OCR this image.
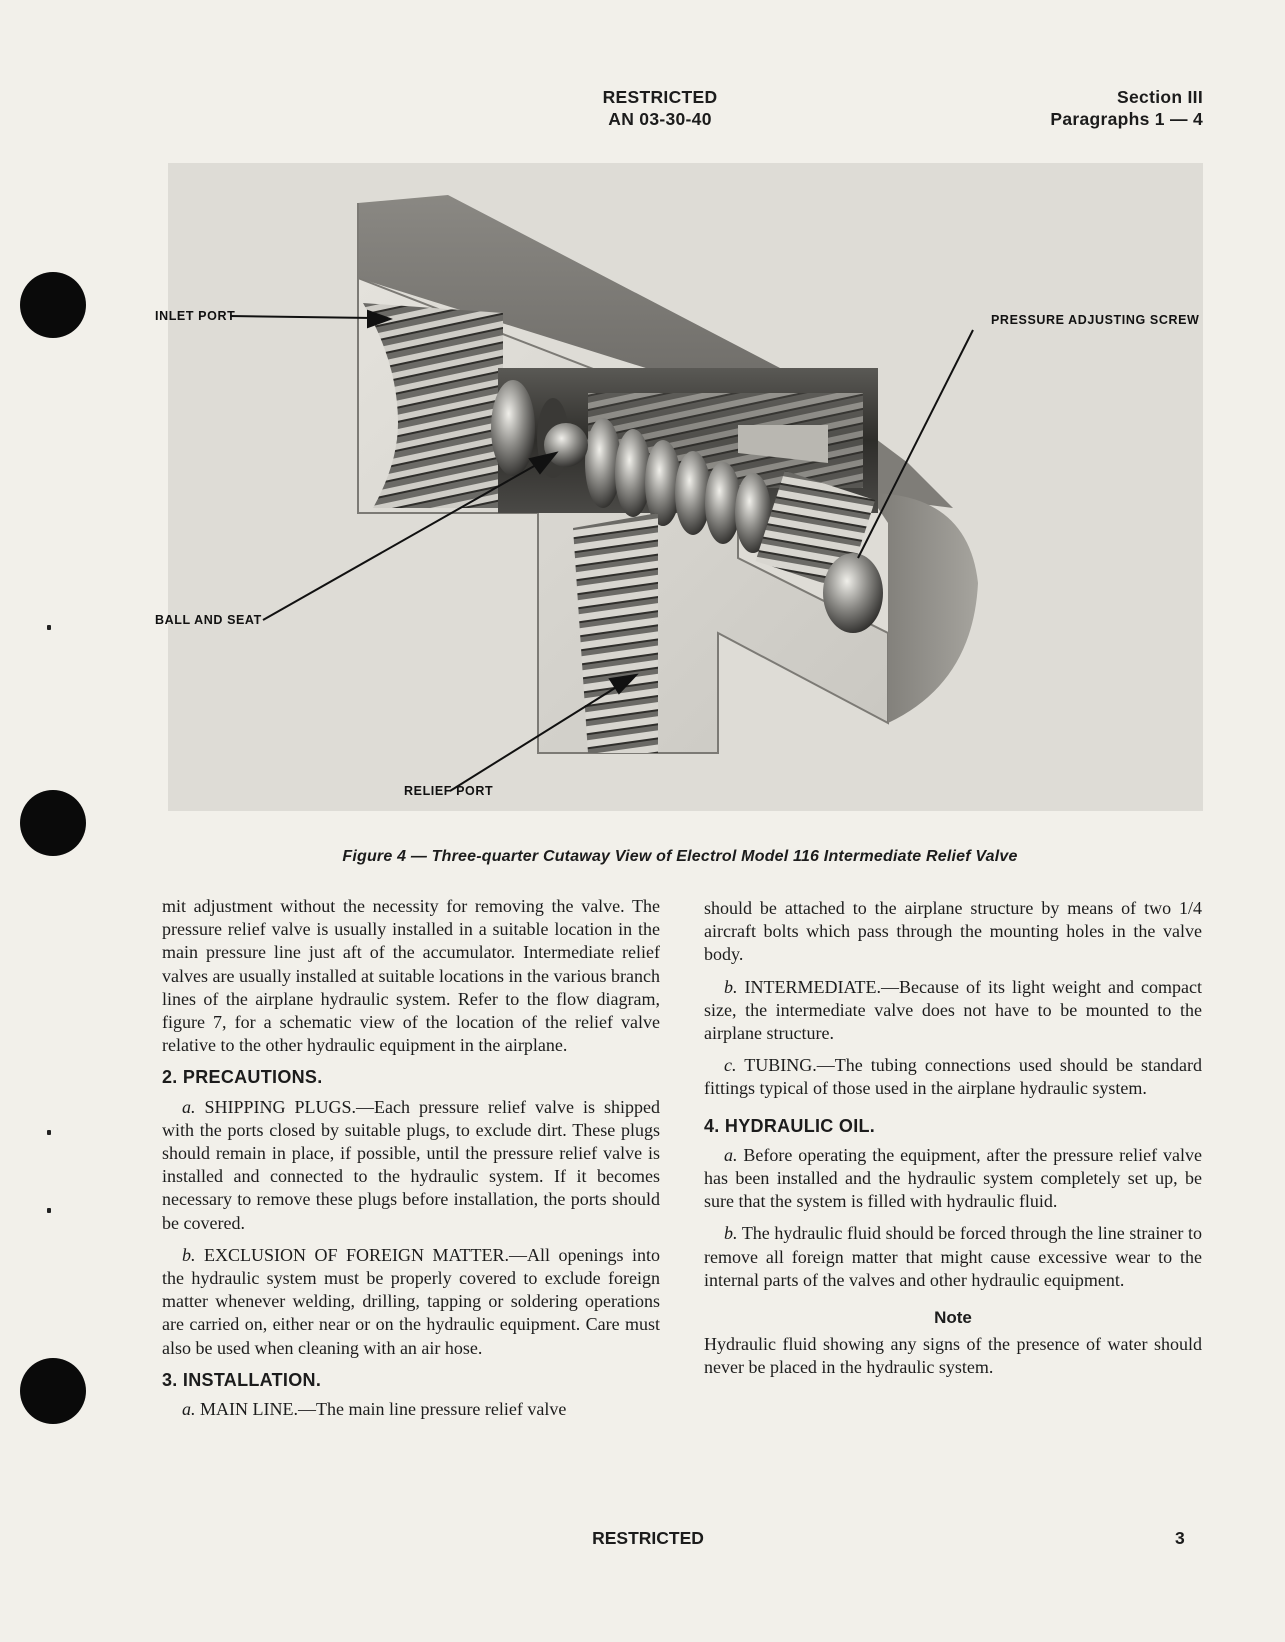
RESTRICTED
AN 03-30-40
Section III
Paragraphs 1 — 4
INLET PORT	PRESSURE ADJUSTING SCREW
BALL AND SEAT
RELIEF PORT
Figure 4 — Three-quarter Cutaway View of Electrol Model 116 Intermediate Relief Valve

mit adjustment without the necessity for removing the valve. The pressure relief valve is usually installed in a suitable location in the main pressure line just aft of the accumulator. Intermediate relief valves are usually installed at suitable locations in the various branch lines of the airplane hydraulic system. Refer to the flow diagram, figure 7, for a schematic view of the location of the relief valve relative to the other hydraulic equipment in the airplane.

2. PRECAUTIONS.

a. SHIPPING PLUGS.—Each pressure relief valve is shipped with the ports closed by suitable plugs, to exclude dirt. These plugs should remain in place, if possible, until the pressure relief valve is installed and connected to the hydraulic system. If it becomes necessary to remove these plugs before installation, the ports should be covered.

b. EXCLUSION OF FOREIGN MATTER.—All openings into the hydraulic system must be properly covered to exclude foreign matter whenever welding, drilling, tapping or soldering operations are carried on, either near or on the hydraulic equipment. Care must also be used when cleaning with an air hose.

3. INSTALLATION.

a. MAIN LINE.—The main line pressure relief valve

should be attached to the airplane structure by means of two 1/4 aircraft bolts which pass through the mounting holes in the valve body.

b. INTERMEDIATE.—Because of its light weight and compact size, the intermediate valve does not have to be mounted to the airplane structure.

c. TUBING.—The tubing connections used should be standard fittings typical of those used in the airplane hydraulic system.

4. HYDRAULIC OIL.

a. Before operating the equipment, after the pressure relief valve has been installed and the hydraulic system completely set up, be sure that the system is filled with hydraulic fluid.

b. The hydraulic fluid should be forced through the line strainer to remove all foreign matter that might cause excessive wear to the internal parts of the valves and other hydraulic equipment.

Note

Hydraulic fluid showing any signs of the presence of water should never be placed in the hydraulic system.

RESTRICTED	3
